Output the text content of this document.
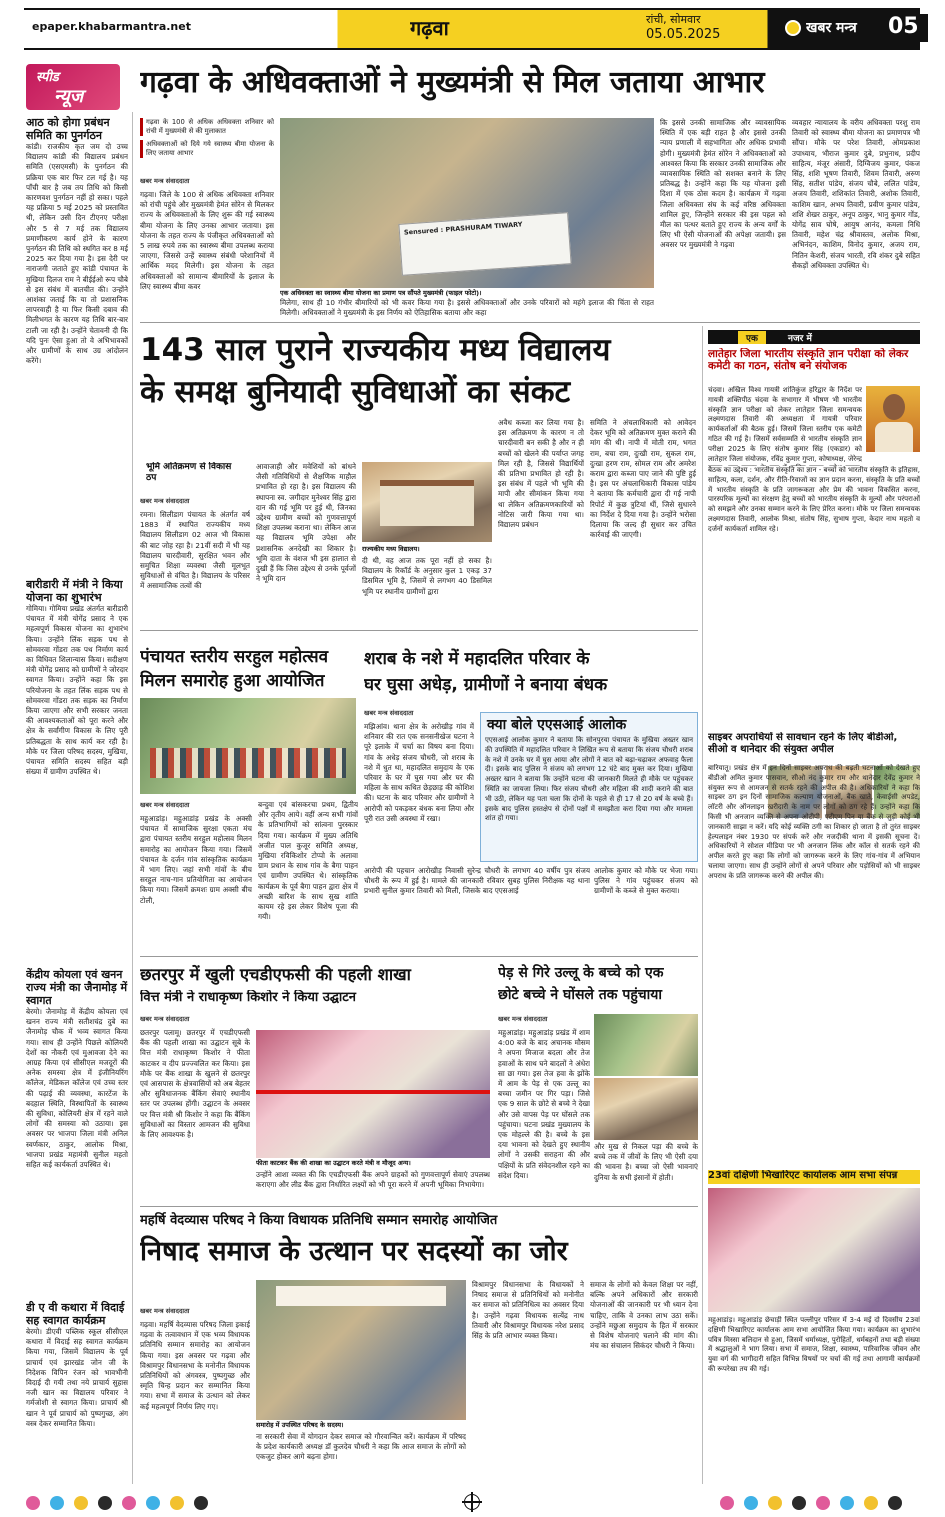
epaper.khabarmantra.net	गढ़वा	रांची, सोमवार
05.05.2025	खबर मन्त्र	05
स्पीड
न्यूज गढ़वा के अधिवक्ताओं ने मुख्यमंत्री से मिल जताया आभार
आठ को होगा प्रबंधन समिति का पुनर्गठन
कांडी। राजकीय कृत जम दो उच्च विद्यालय कांडी की विद्यालय प्रबंधन समिति (एसएमसी) के पुनर्गठन की प्रक्रिया एक बार फिर टल गई है। यह पाँची बार है जब तय तिथि को किसी कारणवश पुनर्गठन नहीं हो सका। पहले यह प्रक्रिया 5 मई 2025 को प्रस्तावित थी, लेकिन उसी दिन टीएनए परीक्षा और 5 से 7 मई तक विद्यालय प्रमाणीकरण कार्य होने के कारण पुनर्गठन की तिथि को स्थगित कर 8 मई 2025 कर दिया गया है। इस देरी पर नाराजगी जताते हुए कांडी पंचायत के मुखिया दिलज राम ने बीईईओ रूप चौबे से इस संबंध में बातचीत की। उन्होंने आशंका जताई कि या तो प्रशासनिक लापरवाही है या फिर किसी दबाव की मिलीभगत के कारण यह तिथि बार-बार टाली जा रही है। उन्होंने चेतावनी दी कि यदि पुनः ऐसा हुआ तो वे अभिभावकों और ग्रामीणों के साथ उग्र आंदोलन करेंगे।
बारीडारी में मंत्री ने किया योजना का शुभारंभ
गोमिया। गोमिया प्रखंड अंतर्गत बारीडारी पंचायत में मंत्री योगेंद्र प्रसाद ने एक महत्वपूर्ण विकास योजना का शुभारंभ किया। उन्होंने लिंक सड़क पथ से सोमवरवा गोंडरा तक पथ निर्माण कार्य का विधिवत शिलान्यास किया। सदीक्षण मंत्री योगेंद्र प्रसाद को ग्रामीणों ने जोरदार स्वागत किया। उन्होंने कहा कि इस परियोजना के तहत लिंक सड़क पथ से सोमवरवा गोंडरा तक सड़क का निर्माण किया जाएगा और सभी सरकार जनता की आवश्यकताओं को पूरा करने और क्षेत्र के सर्वांगीण विकास के लिए पूरी प्रतिबद्धता के साथ कार्य कर रही है। मौके पर जिला परिषद सदस्य, मुखिया, पंचायत समिति सदस्य सहित बड़ी संख्या में ग्रामीण उपस्थित थे।
केंद्रीय कोयला एवं खनन राज्य मंत्री का जैनामोड़ में स्वागत
बेरमो। जैनामोड़ में केंद्रीय कोयला एवं खनन राज्य मंत्री सतीशचंद्र दुबे का जैनामोड़ चौक में भव्य स्वागत किया गया। साथ ही उन्होंने पिछले कोलियरी देशों का नौकरी एवं मुआवजा देने का आग्रह किया एवं सीसीएल मजदूरों की अनेक समस्या क्षेत्र में इंजीनियरिंग कॉलेज, मेडिकल कॉलेज एवं उच्च स्तर की पढ़ाई की व्यवस्था, कारटेंज के बदहाल स्थिति, विस्थापितों के स्वास्थ्य की सुविधा, कोलियरी क्षेत्र में रहने वाले लोगों की समस्या को उठाया। इस अवसर पर भाजपा जिला मंत्री अनिल स्वर्णकार, ठाकुर, आलोक मिश्रा, भाजपा प्रखंड महामंत्री सुनील महतो सहित कई कार्यकर्ता उपस्थित थे।
डी ए वी कथारा में विदाई सह स्वागत कार्यक्रम
बेरमो। डीएवी पब्लिक स्कूल सीसीएल कथारा में विदाई सह स्वागत कार्यक्रम किया गया, जिसमें विद्यालय के पूर्व प्राचार्य एवं झारखंड जोन जी के निदेशक विपिन रंजन को भावभीनी विदाई दी गयी तथा नये प्राचार्य सुहास नजी खान का विद्यालय परिवार ने गर्मजोशी से स्वागत किया। प्राचार्य श्री खान ने पूर्व प्राचार्य को पुष्पगुच्छ, अंग वस्त्र देकर सम्मानित किया।
गढ़वा के 100 से अधिक अधिवक्ता शनिवार को रांची में मुख्यमंत्री से की मुलाकात
अधिवक्ताओं को दिये गये स्वास्थ्य बीमा योजना के लिए जताया आभार
खबर मन्त्र संवाददाता
गढ़वा। जिले के 100 से अधिक अधिवक्ता शनिवार को रांची पहुंचे और मुख्यमंत्री हेमंत सोरेन से मिलकर राज्य के अधिवक्ताओं के लिए शुरू की गई स्वास्थ्य बीमा योजना के लिए उनका आभार जताया। इस योजना के तहत राज्य के पंजीकृत अधिवक्ताओं को 5 लाख रुपये तक का स्वास्थ्य बीमा उपलब्ध कराया जाएगा, जिससे उन्हें स्वास्थ्य संबंधी परेशानियों में आर्थिक मदद मिलेगी। इस योजना के तहत अधिवक्ताओं को सामान्य बीमारियों के इलाज के लिए स्वास्थ्य बीमा कवर
Sensured : PRASHURAM TIWARY
एक अधिवक्ता का स्वास्थ्य बीमा योजना का प्रमाण पत्र सौंपते मुख्यमंत्री (फाइल फोटो)।
मिलेगा, साथ ही 10 गंभीर बीमारियों को भी कवर किया गया है। इससे अधिवक्ताओं और उनके परिवारों को महंगे इलाज की चिंता से राहत मिलेगी। अधिवक्ताओं ने मुख्यमंत्री के इस निर्णय को ऐतिहासिक बताया और कहा
कि इससे उनकी सामाजिक और व्यावसायिक स्थिति में एक बड़ी राहत है और इससे उनकी न्याय प्रणाली में सहभागिता और अधिक प्रभावी होगी। मुख्यमंत्री हेमंत सोरेन ने अधिवक्ताओं को आश्वस्त किया कि सरकार उनकी सामाजिक और व्यावसायिक स्थिति को सशक्त बनाने के लिए प्रतिबद्ध है। उन्होंने कहा कि यह योजना इसी दिशा में एक ठोस कदम है। कार्यक्रम में गढ़वा जिला अधिवक्ता संघ के कई वरिष्ठ अधिवक्ता शामिल हुए, जिन्होंने सरकार की इस पहल को मील का पत्थर बताते हुए राज्य के अन्य वर्गों के लिए भी ऐसी योजनाओं की अपेक्षा जतायी। इस अवसर पर मुख्यमंत्री ने गढ़वा
व्यवहार न्यायालय के वरीय अधिवक्ता परशु राम तिवारी को स्वास्थ्य बीमा योजना का प्रमाणपत्र भी सौंपा। मौके पर परेश तिवारी, ओमप्रकाश उपाध्याय, भीराज कुमार दुबे, प्रभुनाथ, प्रदीप साहित्य, मंजूर अंसारी, दिग्विजय कुमार, पंकज सिंह, शशि भूषण तिवारी, शिवम तिवारी, अरुण सिंह, सतीश पांडेय, संजय चौबे, ललित पांडेय, अजय तिवारी, शशिकांत तिवारी, अशोक तिवारी, काशिम खान, अभय तिवारी, प्रवीण कुमार पांडेय, शशि शेखर ठाकुर, अनूप ठाकुर, भानु कुमार गोंड, योगेंद्र साव घोषे, आयुष आनंद, कमला निधि तिवारी, महेश चंद्र श्रीवास्तव, अलोक मिश्रा, अभिनंदन, काशिम, विनोद कुमार, अजय राम, नितिन केशरी, संजय भारती, रवि शंकर दुबे सहित सैकड़ों अधिवक्ता उपस्थित थे।
143 साल पुराने राज्यकीय मध्य विद्यालय
के समक्ष बुनियादी सुविधाओं का संकट
भूमि अतिक्रमण से विकास ठप
खबर मन्त्र संवाददाता
रमना। सिलीडाग पंचायत के अंतर्गत वर्ष 1883 में स्थापित राज्यकीय मध्य विद्यालय सिलीडाग 02 आज भी विकास की बाट जोह रहा है। 21वीं सदी में भी यह विद्यालय चारदीवारी, सुरक्षित भवन और समुचित शिक्षा व्यवस्था जैसी मूलभूत सुविधाओं से वंचित है। विद्यालय के परिसर में असामाजिक तत्वों की
आवाजाही और मवेशियों को बांधने जैसी गतिविधियों से शैक्षणिक माहौल प्रभावित हो रहा है। इस विद्यालय की स्थापना स्व. जगीदार मुनेश्वर सिंह द्वारा दान की गई भूमि पर हुई थी, जिनका उद्देश्य ग्रामीण बच्चों को गुणवत्तापूर्ण शिक्षा उपलब्ध कराना था। लेकिन आज यह विद्यालय भूमि उपेक्षा और प्रशासनिक अनदेखी का शिकार है। भूमि दाता के वंशज भी इस हालात से दुखी हैं कि जिस उद्देश्य से उनके पूर्वजों ने भूमि दान
राज्यकीय मध्य विद्यालय।
दी थी, वह आज तक पूरा नहीं हो सका है। विद्यालय के रिकॉर्ड के अनुसार कुल 1 एकड़ 37 डिसमिल भूमि है, जिसमें से लगभग 40 डिसमिल भूमि पर स्थानीय ग्रामीणों द्वारा
अवैध कब्जा कर लिया गया है। इस अतिक्रमण के कारण न तो चारदीवारी बन सकी है और न ही बच्चों को खेलने की पर्याप्त जगह मिल रही है, जिससे विद्यार्थियों की प्रतिभा प्रभावित हो रही है। इस संबंध में पहले भी भूमि की मापी और सीमांकन किया गया था लेकिन अतिक्रमणकारियों को नोटिस जारी किया गया था। विद्यालय प्रबंधन
समिति ने अंचलाधिकारी को आवेदन देकर भूमि को अतिक्रमण मुक्त कराने की मांग की थी। नापी में मोती राम, भगत राम, बचा राम, दुःखी राम, सुकल राम, दुःखा हरण राम, सोमल राम और अमरेश कराम द्वारा कब्जा पाए जाने की पुष्टि हुई है। इस पर अंचलाधिकारी विकास पांडेय ने बताया कि कर्मचारी द्वारा दी गई नापी रिपोर्ट में कुछ त्रुटियां थीं, जिसे सुधारने का निर्देश दे दिया गया है। उन्होंने भरोसा दिलाया कि जल्द ही सुधार कर उचित कार्रवाई की जाएगी।
एक	नजर में
लातेहार जिला भारतीय संस्कृति ज्ञान परीक्षा को लेकर कमेटी का गठन, संतोष बने संयोजक
चंदवा। अखिल विश्व गायत्री शांतिकुंज हरिद्वार के निर्देश पर गायत्री शक्तिपीठ चंदवा के सभागार में भीषण भी भारतीय संस्कृति ज्ञान परीक्षा को लेकर लातेहार जिला समन्वयक लक्ष्मणदास तिवारी की अध्यक्षता में गायत्री परिवार कार्यकर्ताओं की बैठक हुई। जिसमें जिला स्तरीय एक कमेटी गठित की गई है। जिसमें सर्वसम्मति से भारतीय संस्कृति ज्ञान परीक्षा 2025 के लिए संतोष कुमार सिंह (एकडार) को लातेहार जिला संयोजक, रविंद्र कुमार गुप्ता, कोषाध्यक्ष, जेरेन्द्र
बैठक का उद्देश्य : भारतीय संस्कृति का ज्ञान - बच्चों को भारतीय संस्कृति के इतिहास, साहित्य, कला, दर्शन, और रीति-रिवाजों का ज्ञान प्रदान करना, संस्कृति के प्रति बच्चों में भारतीय संस्कृति के प्रति जागरूकता और प्रेम की भावना विकसित करना, पारस्परिक मूल्यों का संरक्षण हेतु बच्चों को भारतीय संस्कृति के मूल्यों और परंपराओं को समझने और उनका सम्मान करने के लिए प्रेरित करना। मौके पर जिला समन्वयक लक्ष्मणदास तिवारी, आलोक मिश्रा, संतोष सिंह, सुभाष गुप्ता, केदार नाथ महतो व दर्जनों कार्यकर्ता शामिल रहे।
साइबर अपराधियों से सावधान रहने के लिए बीडीओ, सीओ व थानेदार की संयुक्त अपील
बारियातू। प्रखंड क्षेत्र में इन दिनों साइबर अपराध की बढ़ती घटनाओं को देखते हुए बीडीओ अमित कुमार पासवान, सीओ नंद कुमार राम और थानेदार देवेंद्र कुमार ने संयुक्त रूप से आमजन से सतर्क रहने की अपील की है। अधिकारियों ने कहा कि साइबर ठग इन दिनों सामाजिक कल्याण योजनाओं, बैंक खाते, केवाईसी अपडेट, लॉटरी और ऑनलाइन खरीदारी के नाम पर लोगों को ठग रहे हैं। उन्होंने कहा कि किसी भी अनजान व्यक्ति से अपना ओटीपी, एटीएम पिन या बैंक से जुड़ी कोई भी जानकारी साझा न करें। यदि कोई व्यक्ति ठगी का शिकार हो जाता है तो तुरंत साइबर हेल्पलाइन नंबर 1930 पर संपर्क करें और नजदीकी थाना में इसकी सूचना दें। अधिकारियों ने सोशल मीडिया पर भी अनजान लिंक और कॉल से सतर्क रहने की अपील करते हुए कहा कि लोगों को जागरूक करने के लिए गांव-गांव में अभियान चलाया जाएगा। साथ ही उन्होंने लोगों से अपने परिवार और पड़ोसियों को भी साइबर अपराध के प्रति जागरूक करने की अपील की।
23वां दक्षिणी भिखारिएट कार्यालक आम सभा संपन्न
महुआडांड़। महुआडांड़ छेचाड़ी स्थित पल्लीपुर परिसर में 3-4 मई दो दिवसीय 23वां दक्षिणी भिखारिएट कार्यालक आम सभा आयोजित किया गया। कार्यक्रम का शुभारंभ पवित्र मिस्सा बलिदान से हुआ, जिसमें धर्माध्यक्ष, पुरोहितों, धर्मबहनों तथा बड़ी संख्या में श्रद्धालुओं ने भाग लिया। सभा में समाज, शिक्षा, स्वास्थ्य, पारिवारिक जीवन और युवा वर्ग की भागीदारी सहित विभिन्न विषयों पर चर्चा की गई तथा आगामी कार्यक्रमों की रूपरेखा तय की गई।
पंचायत स्तरीय सरहुल महोत्सव
मिलन समारोह हुआ आयोजित
खबर मन्त्र संवाददाता
महुआडांड़। महुआडांड़ प्रखंड के अक्सी पंचायत में सामाजिक सुरक्षा एकता मंच द्वारा पंचायत स्तरीय सरहुल महोत्सव मिलन समारोह का आयोजन किया गया। जिसमें पंचायत के दर्जन गांव सांस्कृतिक कार्यक्रम में भाग लिए। जहां सभी गांवों के बीच सरहुल नाच-गान प्रतियोगिता का आयोजन किया गया। जिसमें क्रमशः ग्राम अक्सी बीच टोली,
बन्दुवा एवं बांसकरचा प्रथम, द्वितीय और तृतीय आये। वहीं अन्य सभी गांवों के प्रतिभागियों को सांत्वना पुरस्कार दिया गया। कार्यक्रम में मुख्य अतिथि अजीत पाल कुजूर समिति अध्यक्ष, मुखिया रविकिशोर टोप्पो के अलावा ग्राम प्रधान के साथ गांव के बैगा पाहन एवं ग्रामीण उपस्थित थे। सांस्कृतिक कार्यक्रम के पूर्व बैगा पाहन द्वारा क्षेत्र में अच्छी बारिश के साथ सुख शांति कायम रहे इस लेकर विशेष पूजा की गयी।
शराब के नशे में महादलित परिवार के
घर घुसा अधेड़, ग्रामीणों ने बनाया बंधक
खबर मन्त्र संवाददाता
मझिआंव। थाना क्षेत्र के अरोखीड़ गांव में शनिवार की रात एक सनसनीखेज घटना ने पूरे इलाके में चर्चा का विषय बना दिया। गांव के अधेड़ संजय चौधरी, जो शराब के नशे में धुत था, महादलित समुदाय के एक परिवार के घर में घुस गया और घर की महिला के साथ कथित छेड़छाड़ की कोशिश की। घटना के बाद परिवार और ग्रामीणों ने आरोपी को पकड़कर बंधक बना लिया और पूरी रात उसी अवस्था में रखा।
आरोपी की पहचान आरोखीड़ निवासी सुरेन्द्र चौधरी के लगभग 40 वर्षीय पुत्र संजय चौधरी के रूप में हुई है। मामले की जानकारी रविवार सुबह पुलिस निरीक्षक यह थाना प्रभारी सुनील कुमार तिवारी को मिली, जिसके बाद एएसआई
क्या बोले एएसआई आलोक
एएसआई आलोक कुमार ने बताया कि सोनपुरवा पंचायत के मुखिया अख्तर खान की उपस्थिति में महादलित परिवार ने लिखित रूप से बताया कि संजय चौधरी शराब के नशे में उनके घर में घुस आया और लोगों ने बात को बढ़ा-चढ़ाकर अफवाह फैला दी। इसके बाद पुलिस ने संजय को लगभग 12 घंटे बाद मुक्त कर दिया। मुखिया अख्तर खान ने बताया कि उन्होंने घटना की जानकारी मिलते ही मौके पर पहुंचकर स्थिति का जायजा लिया। फिर संजय चौधरी और महिला की शादी कराने की बात भी उठी, लेकिन यह पता चला कि दोनों के पहले से ही 17 से 20 वर्ष के बच्चे हैं। इसके बाद पुलिस हस्तक्षेप से दोनों पक्षों में समझौता करा दिया गया और मामला शांत हो गया।
आलोक कुमार को मौके पर भेजा गया। पुलिस ने गांव पहुंचकर संजय को ग्रामीणों के कब्जे से मुक्त कराया।
छतरपुर में खुली एचडीएफसी की पहली शाखा
वित्त मंत्री ने राधाकृष्ण किशोर ने किया उद्घाटन
खबर मन्त्र संवाददाता
छतरपुर पलामू। छतरपुर में एचडीएफसी बैंक की पहली शाखा का उद्घाटन सूबे के वित्त मंत्री राधाकृष्ण किशोर ने फीता काटकर व दीप प्रज्ज्वलित कर किया। इस मौके पर बैंक शाखा के खुलने से छतरपुर एवं आसपास के क्षेत्रवासियों को अब बेहतर और सुविधाजनक बैंकिंग सेवाएं स्थानीय स्तर पर उपलब्ध होंगी। उद्घाटन के अवसर पर वित्त मंत्री श्री किशोर ने कहा कि बैंकिंग सुविधाओं का विस्तार आमजन की सुविधा के लिए आवश्यक है।
फीता काटकर बैंक की शाखा का उद्घाटन करते मंत्री व मौजूद अन्य।
उन्होंने आशा व्यक्त की कि एचडीएफसी बैंक अपने ग्राहकों को गुणवत्तापूर्ण सेवाएं उपलब्ध कराएगा और लीड बैंक द्वारा निर्धारित लक्ष्यों को भी पूरा करने में अपनी भूमिका निभायेगा।
पेड़ से गिरे उल्लू के बच्चे को एक
छोटे बच्चे ने घोंसले तक पहुंचाया
खबर मन्त्र संवाददाता
महुआडांड़। महुआडांड़ प्रखंड में शाम 4:00 बजे के बाद अचानक मौसम ने अपना मिजाज बदला और तेज हवाओं के साथ घने बादलों ने अंधेरा सा छा गया। इस तेज हवा के झोंके में आम के पेड़ से एक उल्लू का बच्चा जमीन पर गिर पड़ा। जिसे एक 9 साल के छोटे से बच्चे ने देखा और उसे वापस पेड़ पर घोंसले तक पहुंचाया। घटना प्रखंड मुख्यालय के एक मोहल्ले की है। बच्चे के इस दया भावना को देखते हुए स्थानीय लोगों ने उसकी सराहना की और पक्षियों के प्रति संवेदनशील रहने का संदेश दिया।
और मुख से निकल पड़ा की बच्चे के बच्चे तक में जीवों के लिए भी ऐसी दया की भावना है। बच्चा जो ऐसी भावनाएं दुनिया के सभी इंसानों में होती।
महर्षि वेदव्यास परिषद ने किया विधायक प्रतिनिधि सम्मान समारोह आयोजित
निषाद समाज के उत्थान पर सदस्यों का जोर
खबर मन्त्र संवाददाता
गढ़वा। महर्षि वेदव्यास परिषद जिला इकाई गढ़वा के तत्वावधान में एक भव्य विधायक प्रतिनिधि सम्मान समारोह का आयोजन किया गया। इस अवसर पर गढ़वा और विश्रामपुर विधानसभा के मनोनीत विधायक प्रतिनिधियों को अंगवस्त्र, पुष्पगुच्छ और स्मृति चिन्ह प्रदान कर सम्मानित किया गया। सभा में समाज के उत्थान को लेकर कई महत्वपूर्ण निर्णय लिए गए।
समारोह में उपस्थित परिषद के सदस्य।
ना सरकारी सेवा में योगदान देकर समाज को गौरवान्वित करें। कार्यक्रम में परिषद के प्रदेश कार्यकारी अध्यक्ष डॉ कुलदेव चौधरी ने कहा कि आज समाज के लोगों को एकजुट होकर आगे बढ़ना होगा।
विश्रामपुर विधानसभा के विधायकों ने निषाद समाज से प्रतिनिधियों को मनोनीत कर समाज को प्रतिनिधित्व का अवसर दिया है। उन्होंने गढ़वा विधायक सत्येंद्र नाथ तिवारी और विश्रामपुर विधायक नरेश प्रसाद सिंह के प्रति आभार व्यक्त किया।
समाज के लोगों को केवल शिक्षा पर नहीं, बल्कि अपने अधिकारों और सरकारी योजनाओं की जानकारी पर भी ध्यान देना चाहिए, ताकि वे उनका लाभ उठा सकें। उन्होंने मछुआ समुदाय के हित में सरकार से विशेष योजनाएं चलाने की मांग की। मंच का संचालन सिकंदर चौधरी ने किया।
